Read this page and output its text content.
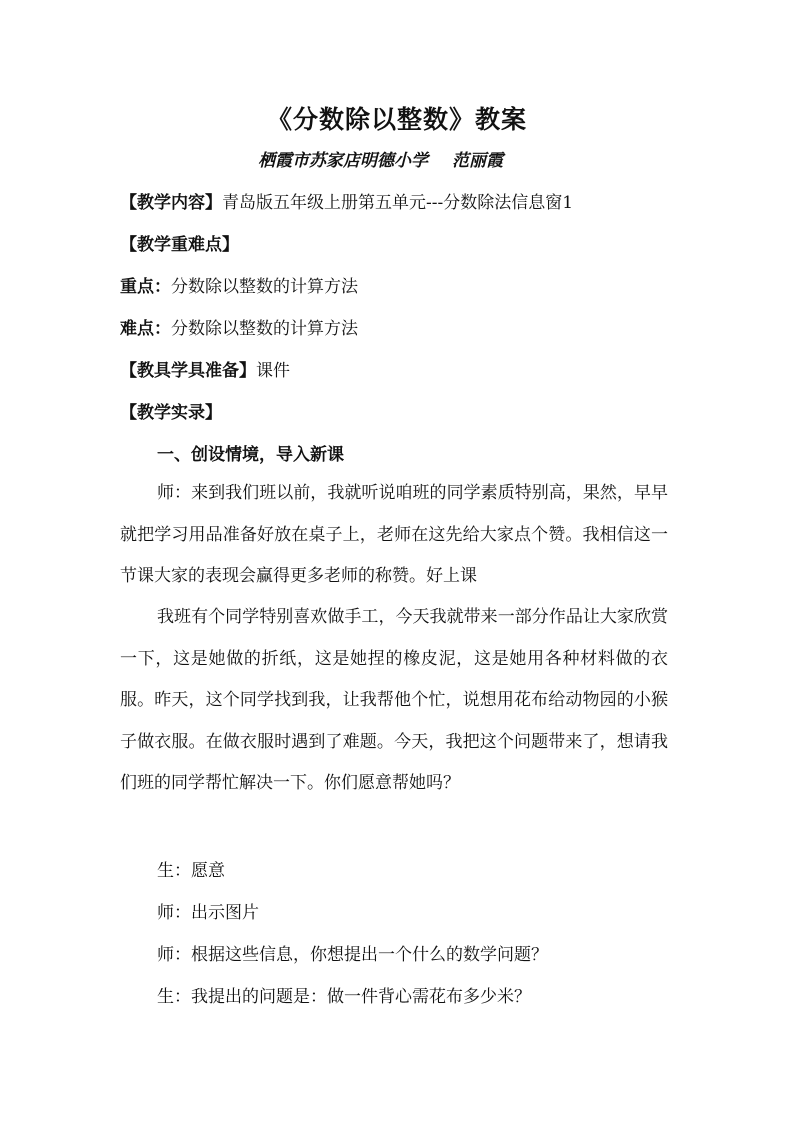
《分数除以整数》教案
栖霞市苏家店明德小学 范丽霞
【教学内容】青岛版五年级上册第五单元---分数除法信息窗1
【教学重难点】
重点：分数除以整数的计算方法
难点：分数除以整数的计算方法
【教具学具准备】课件
【教学实录】
一、创设情境，导入新课
师：来到我们班以前，我就听说咱班的同学素质特别高，果然，早早就把学习用品准备好放在桌子上，老师在这先给大家点个赞。我相信这一节课大家的表现会赢得更多老师的称赞。好上课
我班有个同学特别喜欢做手工，今天我就带来一部分作品让大家欣赏一下，这是她做的折纸，这是她捏的橡皮泥，这是她用各种材料做的衣服。昨天，这个同学找到我，让我帮他个忙，说想用花布给动物园的小猴子做衣服。在做衣服时遇到了难题。今天，我把这个问题带来了，想请我们班的同学帮忙解决一下。你们愿意帮她吗？
生：愿意
师：出示图片
师：根据这些信息，你想提出一个什么的数学问题？
生：我提出的问题是：做一件背心需花布多少米？
